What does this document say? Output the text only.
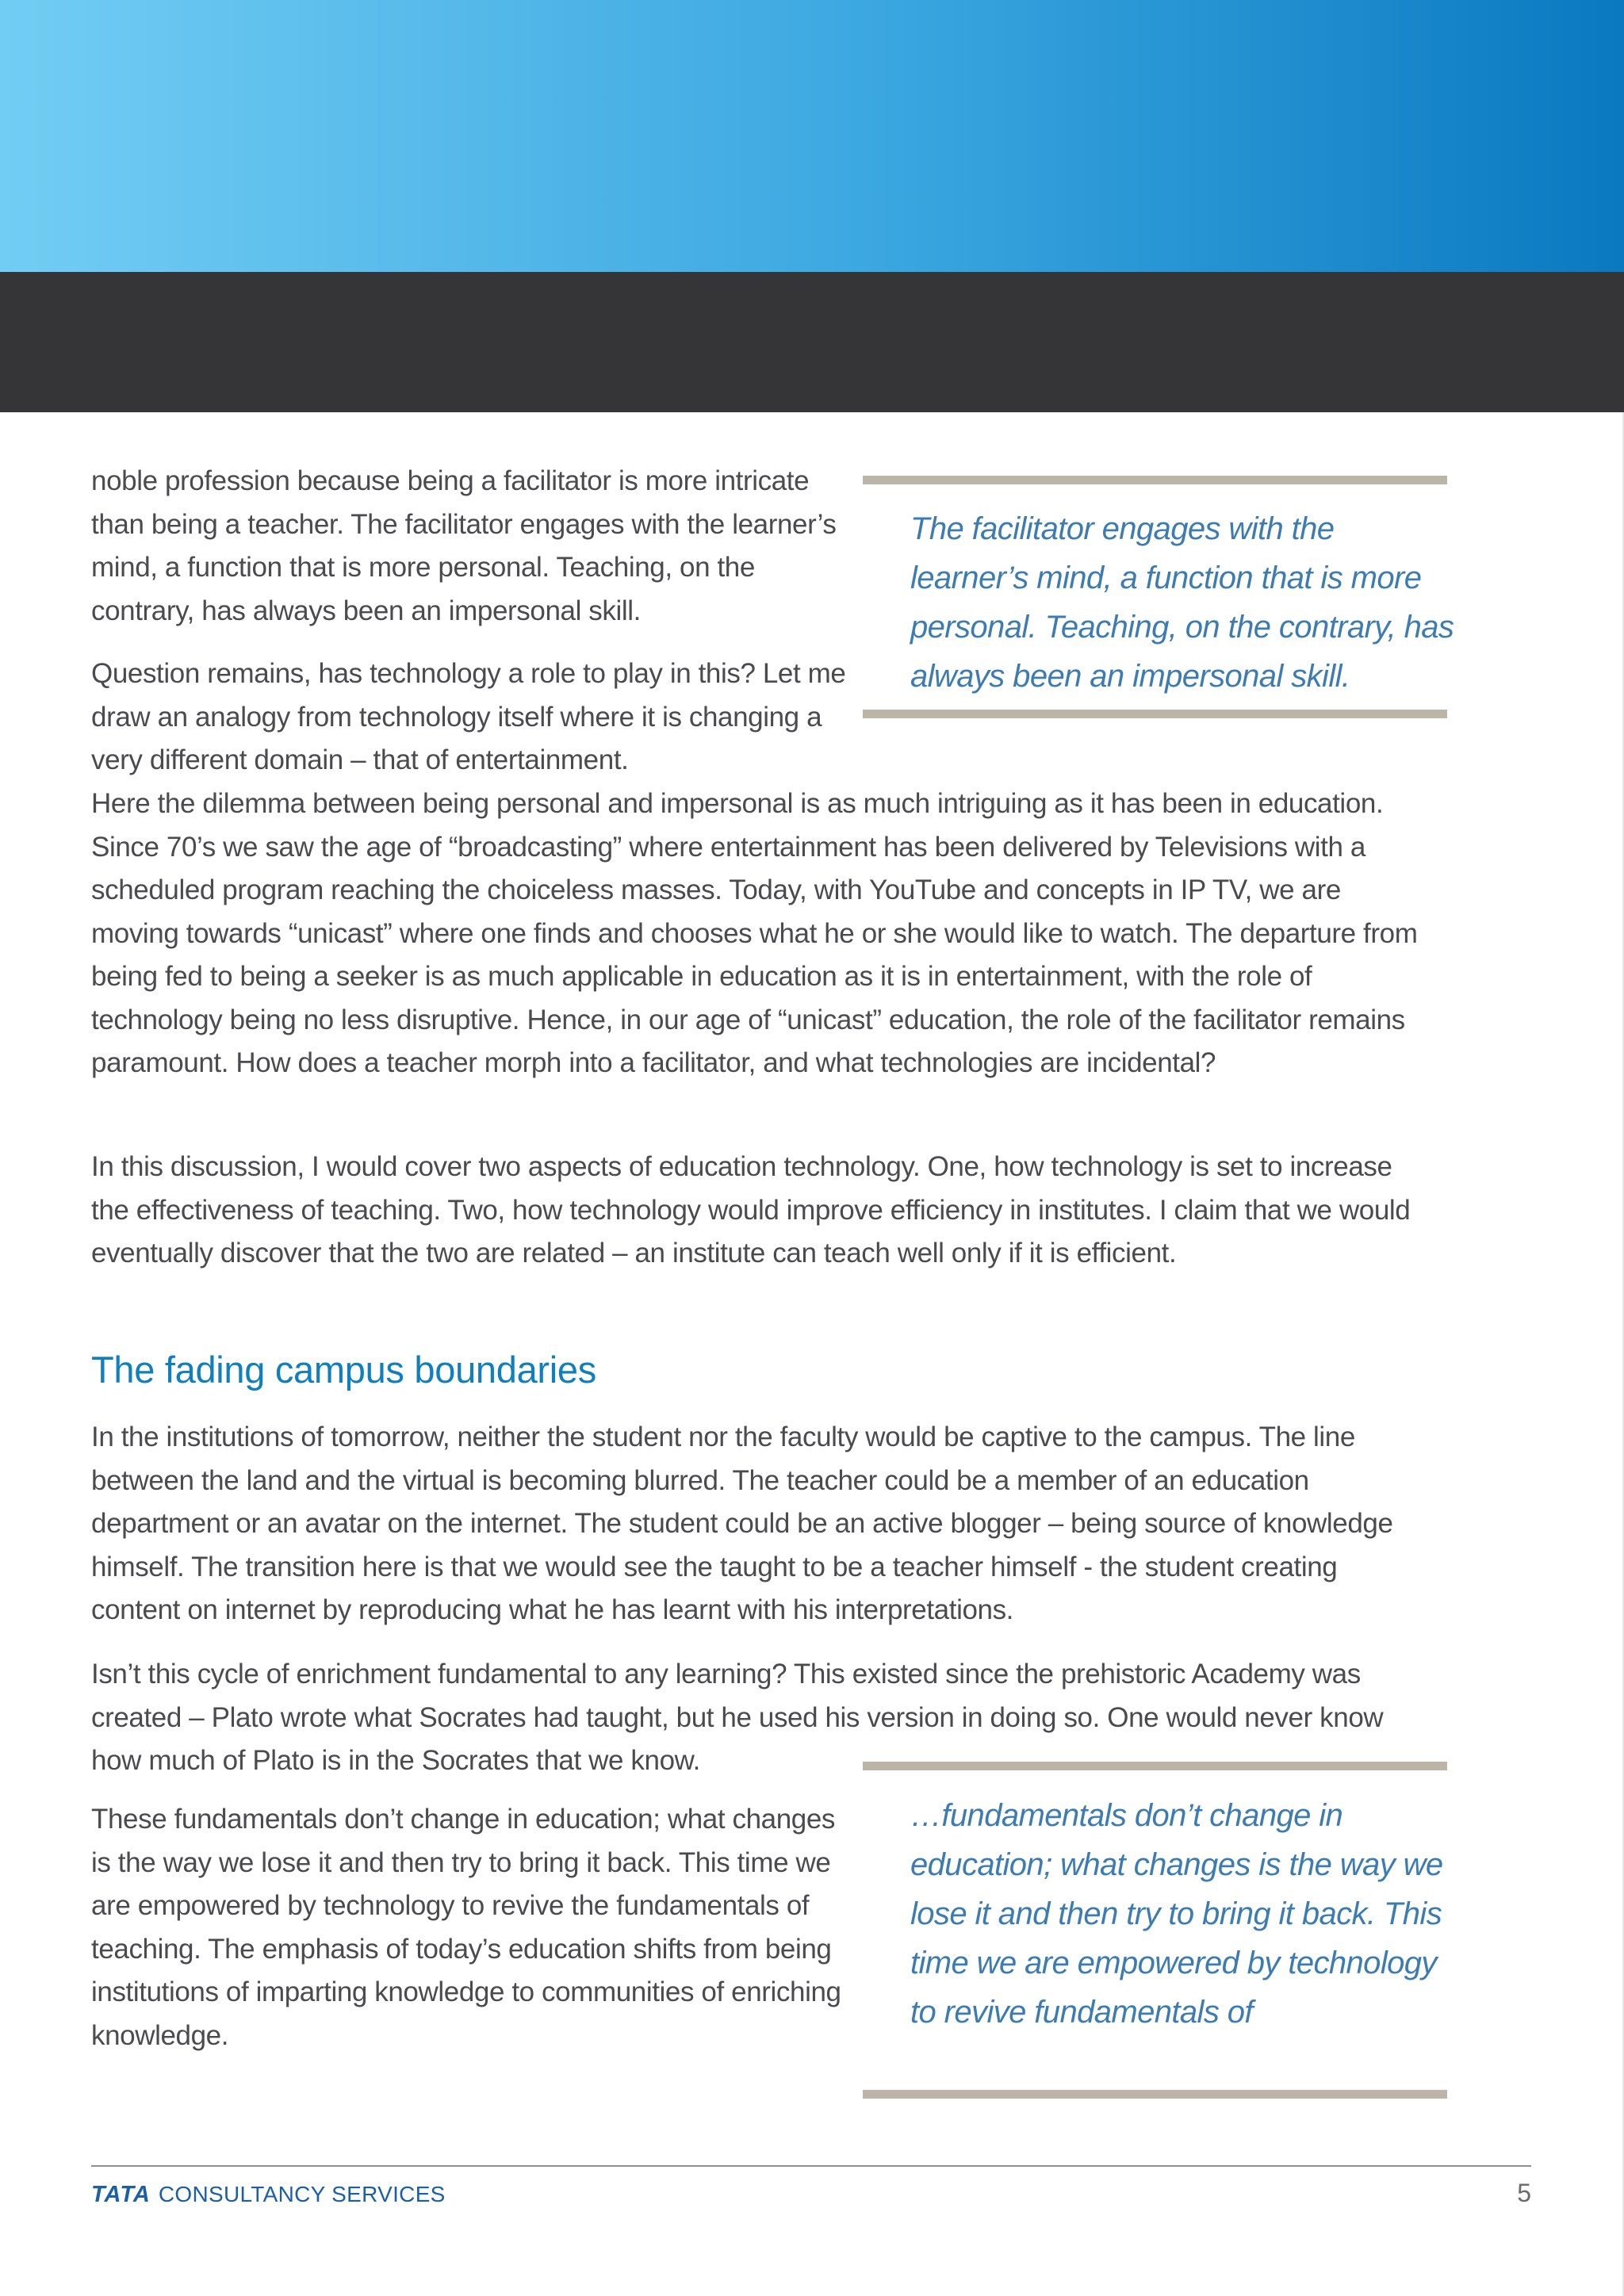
noble profession because being a facilitator is more intricate than being a teacher. The facilitator engages with the learner’s mind, a function that is more personal. Teaching, on the contrary, has always been an impersonal skill.

Question remains, has technology a role to play in this? Let me draw an analogy from technology itself where it is changing a very different domain – that of entertainment.

Here the dilemma between being personal and impersonal is as much intriguing as it has been in education. Since 70’s we saw the age of “broadcasting” where entertainment has been delivered by Televisions with a scheduled program reaching the choiceless masses. Today, with YouTube and concepts in IP TV, we are moving towards “unicast” where one finds and chooses what he or she would like to watch. The departure from being fed to being a seeker is as much applicable in education as it is in entertainment, with the role of technology being no less disruptive. Hence, in our age of “unicast” education, the role of the facilitator remains paramount. How does a teacher morph into a facilitator, and what technologies are incidental?

In this discussion, I would cover two aspects of education technology. One, how technology is set to increase the effectiveness of teaching. Two, how technology would improve efficiency in institutes. I claim that we would eventually discover that the two are related – an institute can teach well only if it is efficient.

The fading campus boundaries

In the institutions of tomorrow, neither the student nor the faculty would be captive to the campus. The line between the land and the virtual is becoming blurred. The teacher could be a member of an education department or an avatar on the internet. The student could be an active blogger – being source of knowledge himself. The transition here is that we would see the taught to be a teacher himself - the student creating content on internet by reproducing what he has learnt with his interpretations.

Isn’t this cycle of enrichment fundamental to any learning? This existed since the prehistoric Academy was created – Plato wrote what Socrates had taught, but he used his version in doing so. One would never know how much of Plato is in the Socrates that we know.

These fundamentals don’t change in education; what changes is the way we lose it and then try to bring it back. This time we are empowered by technology to revive the fundamentals of teaching. The emphasis of today’s education shifts from being institutions of imparting knowledge to communities of enriching knowledge.

The facilitator engages with the learner’s mind, a function that is more personal. Teaching, on the contrary, has always been an impersonal skill.

…fundamentals don’t change in education; what changes is the way we lose it and then try to bring it back. This time we are empowered by technology to revive fundamentals of

TATA CONSULTANCY SERVICES	5
